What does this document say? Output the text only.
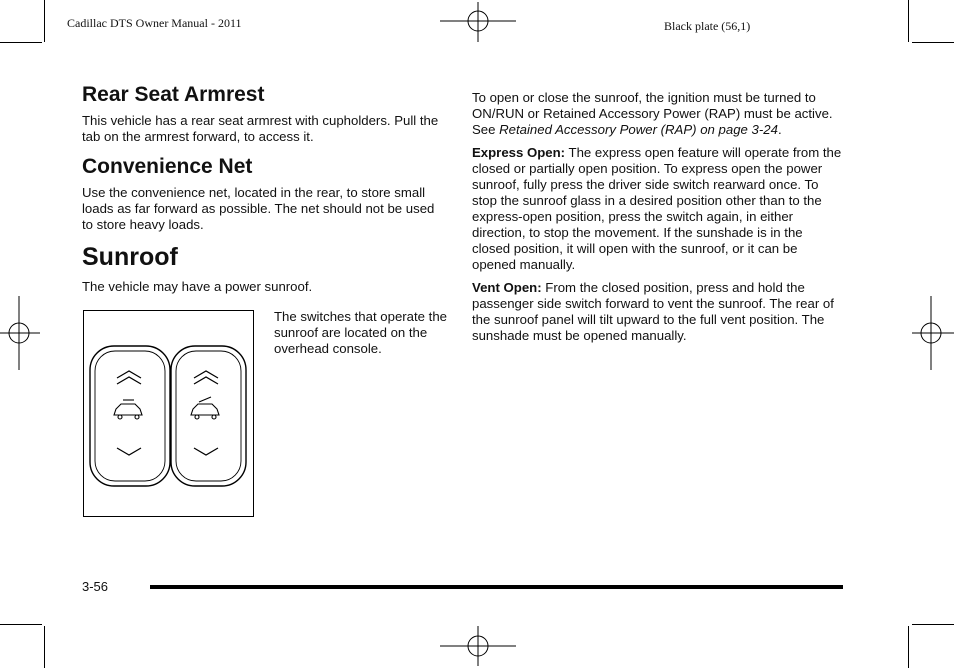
Cadillac DTS Owner Manual - 2011	Black plate (56,1)
Rear Seat Armrest

This vehicle has a rear seat armrest with cupholders. Pull the tab on the armrest forward, to access it.

Convenience Net

Use the convenience net, located in the rear, to store small loads as far forward as possible. The net should not be used to store heavy loads.

Sunroof

The vehicle may have a power sunroof.

The switches that operate the sunroof are located on the overhead console.

To open or close the sunroof, the ignition must be turned to ON/RUN or Retained Accessory Power (RAP) must be active. See Retained Accessory Power (RAP) on page 3-24.

Express Open: The express open feature will operate from the closed or partially open position. To express open the power sunroof, fully press the driver side switch rearward once. To stop the sunroof glass in a desired position other than to the express-open position, press the switch again, in either direction, to stop the movement. If the sunshade is in the closed position, it will open with the sunroof, or it can be opened manually.

Vent Open: From the closed position, press and hold the passenger side switch forward to vent the sunroof. The rear of the sunroof panel will tilt upward to the full vent position. The sunshade must be opened manually.

3-56
